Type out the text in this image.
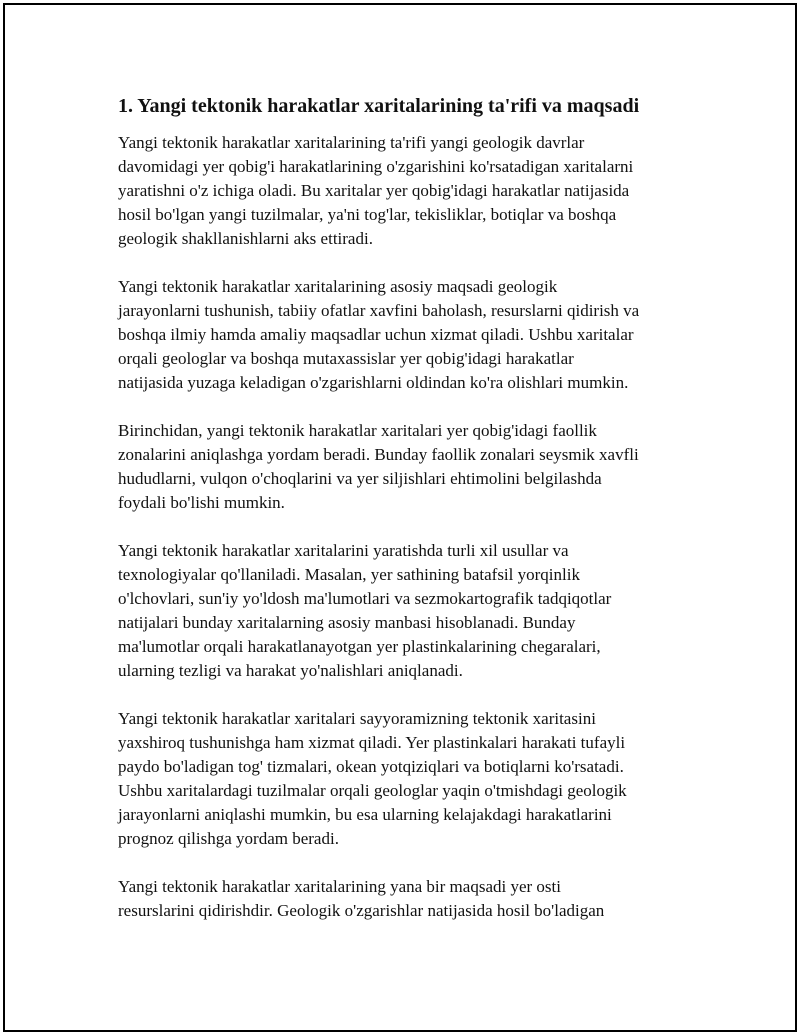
1. Yangi tektonik harakatlar xaritalarining ta'rifi va maqsadi

Yangi tektonik harakatlar xaritalarining ta'rifi yangi geologik davrlar
davomidagi yer qobig'i harakatlarining o'zgarishini ko'rsatadigan xaritalarni
yaratishni o'z ichiga oladi. Bu xaritalar yer qobig'idagi harakatlar natijasida
hosil bo'lgan yangi tuzilmalar, ya'ni tog'lar, tekisliklar, botiqlar va boshqa
geologik shakllanishlarni aks ettiradi.

Yangi tektonik harakatlar xaritalarining asosiy maqsadi geologik
jarayonlarni tushunish, tabiiy ofatlar xavfini baholash, resurslarni qidirish va
boshqa ilmiy hamda amaliy maqsadlar uchun xizmat qiladi. Ushbu xaritalar
orqali geologlar va boshqa mutaxassislar yer qobig'idagi harakatlar
natijasida yuzaga keladigan o'zgarishlarni oldindan ko'ra olishlari mumkin.

Birinchidan, yangi tektonik harakatlar xaritalari yer qobig'idagi faollik
zonalarini aniqlashga yordam beradi. Bunday faollik zonalari seysmik xavfli
hududlarni, vulqon o'choqlarini va yer siljishlari ehtimolini belgilashda
foydali bo'lishi mumkin.

Yangi tektonik harakatlar xaritalarini yaratishda turli xil usullar va
texnologiyalar qo'llaniladi. Masalan, yer sathining batafsil yorqinlik
o'lchovlari, sun'iy yo'ldosh ma'lumotlari va sezmokartografik tadqiqotlar
natijalari bunday xaritalarning asosiy manbasi hisoblanadi. Bunday
ma'lumotlar orqali harakatlanayotgan yer plastinkalarining chegaralari,
ularning tezligi va harakat yo'nalishlari aniqlanadi.

Yangi tektonik harakatlar xaritalari sayyoramizning tektonik xaritasini
yaxshiroq tushunishga ham xizmat qiladi. Yer plastinkalari harakati tufayli
paydo bo'ladigan tog' tizmalari, okean yotqiziqlari va botiqlarni ko'rsatadi.
Ushbu xaritalardagi tuzilmalar orqali geologlar yaqin o'tmishdagi geologik
jarayonlarni aniqlashi mumkin, bu esa ularning kelajakdagi harakatlarini
prognoz qilishga yordam beradi.

Yangi tektonik harakatlar xaritalarining yana bir maqsadi yer osti
resurslarini qidirishdir. Geologik o'zgarishlar natijasida hosil bo'ladigan
